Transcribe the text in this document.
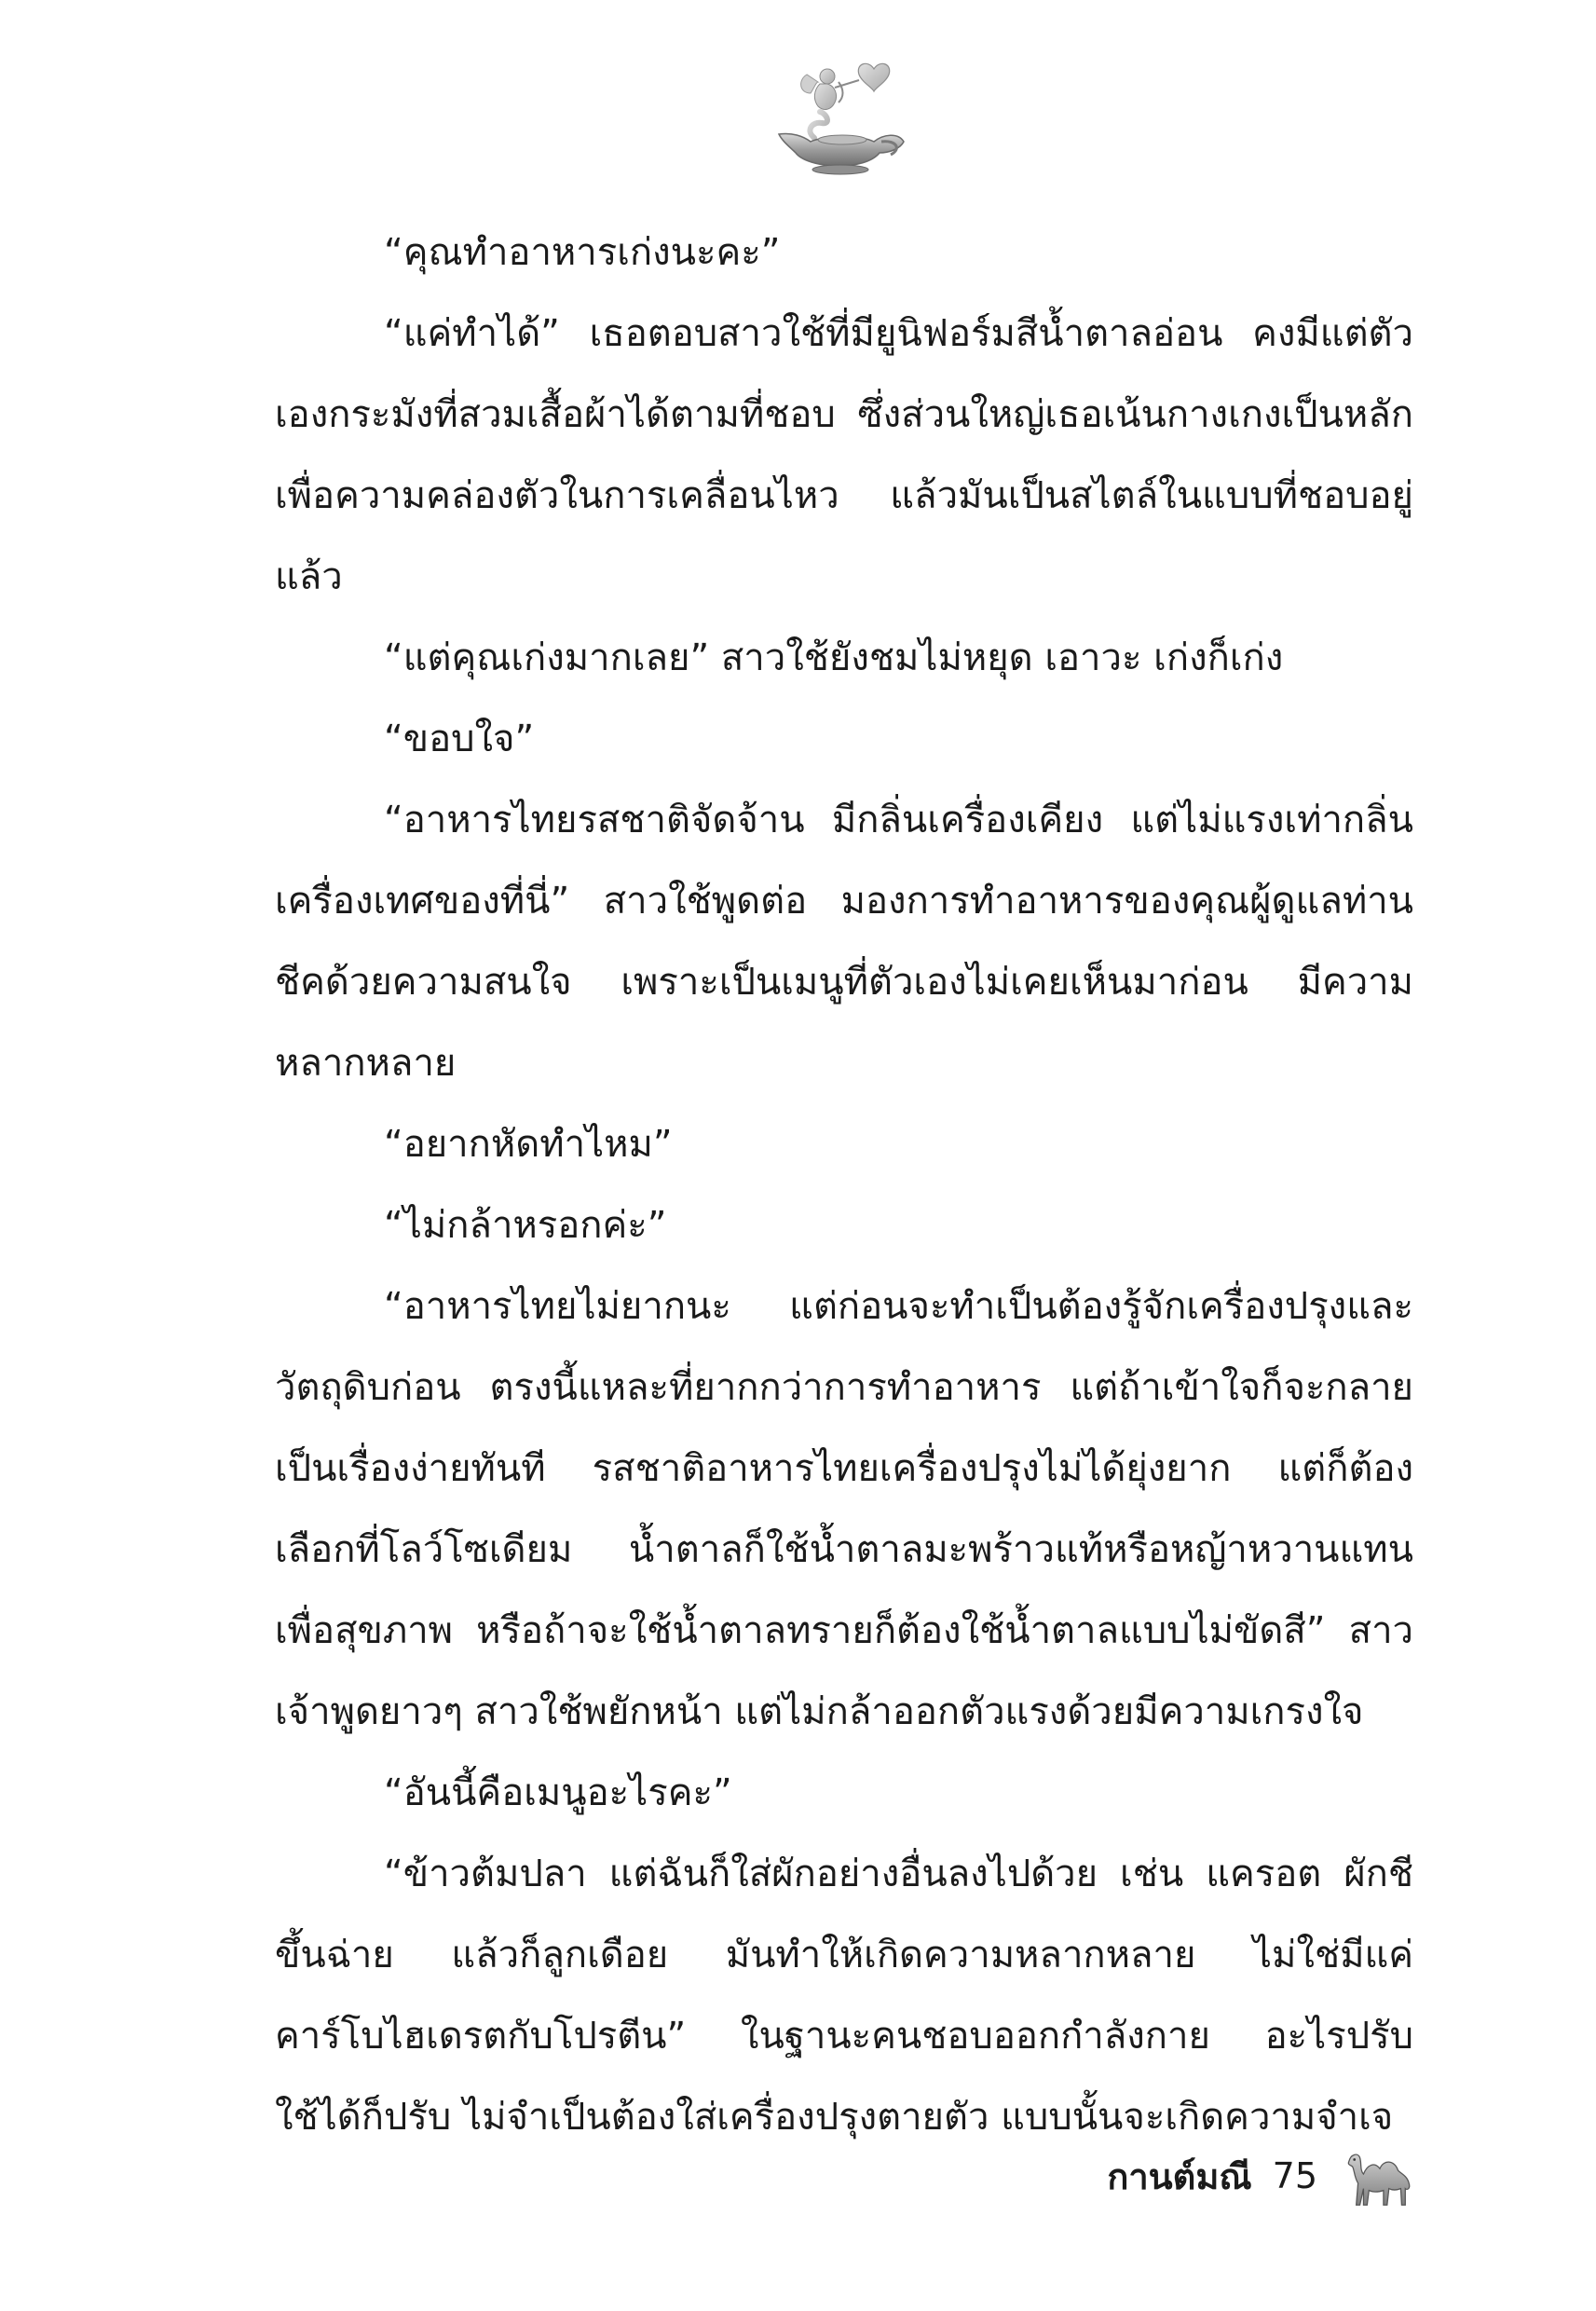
“คุณทำอาหารเก่งนะคะ”

“แค่ทำได้” เธอตอบสาวใช้ที่มียูนิฟอร์มสีน้ำตาลอ่อน คงมีแต่ตัวเองกระมังที่สวมเสื้อผ้าได้ตามที่ชอบ ซึ่งส่วนใหญ่เธอเน้นกางเกงเป็นหลักเพื่อความคล่องตัวในการเคลื่อนไหว แล้วมันเป็นสไตล์ในแบบที่ชอบอยู่แล้ว

“แต่คุณเก่งมากเลย” สาวใช้ยังชมไม่หยุด เอาวะ เก่งก็เก่ง

“ขอบใจ”

“อาหารไทยรสชาติจัดจ้าน มีกลิ่นเครื่องเคียง แต่ไม่แรงเท่ากลิ่นเครื่องเทศของที่นี่” สาวใช้พูดต่อ มองการทำอาหารของคุณผู้ดูแลท่านชีคด้วยความสนใจ เพราะเป็นเมนูที่ตัวเองไม่เคยเห็นมาก่อน มีความหลากหลาย

“อยากหัดทำไหม”

“ไม่กล้าหรอกค่ะ”

“อาหารไทยไม่ยากนะ แต่ก่อนจะทำเป็นต้องรู้จักเครื่องปรุงและวัตถุดิบก่อน ตรงนี้แหละที่ยากกว่าการทำอาหาร แต่ถ้าเข้าใจก็จะกลายเป็นเรื่องง่ายทันที รสชาติอาหารไทยเครื่องปรุงไม่ได้ยุ่งยาก แต่ก็ต้องเลือกที่โลว์โซเดียม น้ำตาลก็ใช้น้ำตาลมะพร้าวแท้หรือหญ้าหวานแทน เพื่อสุขภาพ หรือถ้าจะใช้น้ำตาลทรายก็ต้องใช้น้ำตาลแบบไม่ขัดสี” สาวเจ้าพูดยาวๆ สาวใช้พยักหน้า แต่ไม่กล้าออกตัวแรงด้วยมีความเกรงใจ

“อันนี้คือเมนูอะไรคะ”

“ข้าวต้มปลา แต่ฉันก็ใส่ผักอย่างอื่นลงไปด้วย เช่น แครอต ผักชี ขึ้นฉ่าย แล้วก็ลูกเดือย มันทำให้เกิดความหลากหลาย ไม่ใช่มีแค่คาร์โบไฮเดรตกับโปรตีน” ในฐานะคนชอบออกกำลังกาย อะไรปรับใช้ได้ก็ปรับ ไม่จำเป็นต้องใส่เครื่องปรุงตายตัว แบบนั้นจะเกิดความจำเจ

กานต์มณี 75
